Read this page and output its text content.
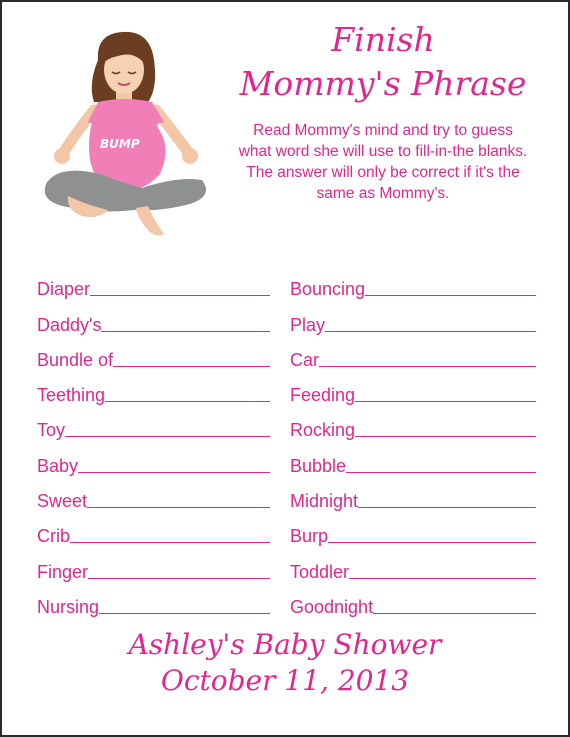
BUMP
Finish
Mommy's Phrase
Read Mommy's mind and try to guess what word she will use to fill-in-the blanks. The answer will only be correct if it's the same as Mommy's.
Diaper
Daddy's
Bundle of
Teething
Toy
Baby
Sweet
Crib
Finger
Nursing
Bouncing
Play
Car
Feeding
Rocking
Bubble
Midnight
Burp
Toddler
Goodnight
Ashley's Baby Shower
October 11, 2013
